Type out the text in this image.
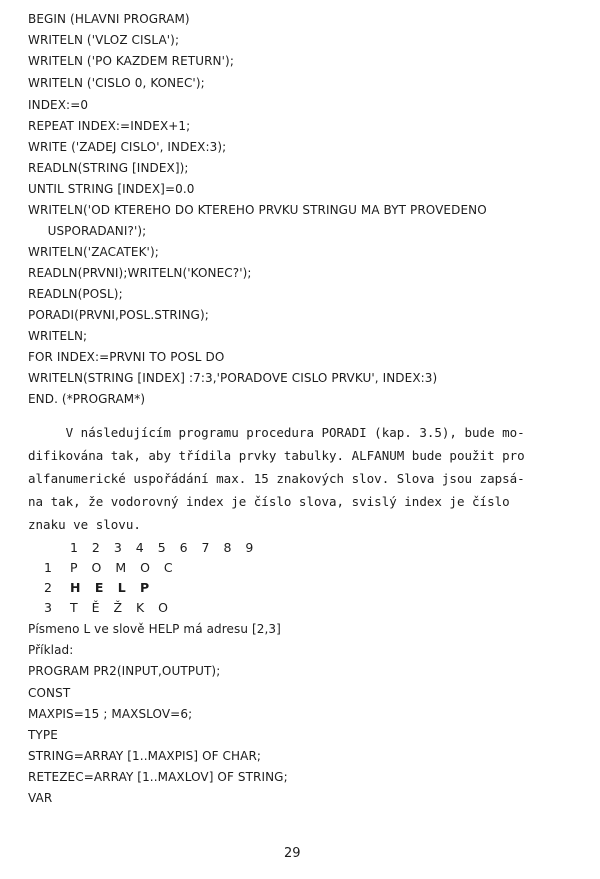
BEGIN (HLAVNI PROGRAM)
WRITELN ('VLOZ CISLA');
WRITELN ('PO KAZDEM RETURN');
WRITELN ('CISLO 0, KONEC');
INDEX:=0
REPEAT INDEX:=INDEX+1;
WRITE ('ZADEJ CISLO', INDEX:3);
READLN(STRING [INDEX]);
UNTIL STRING [INDEX]=0.0
WRITELN('OD KTEREHO DO KTEREHO PRVKU STRINGU MA BYT PROVEDENO
USPORADANI?');
WRITELN('ZACATEK');
READLN(PRVNI);WRITELN('KONEC?');
READLN(POSL);
PORADI(PRVNI,POSL.STRING);
WRITELN;
FOR INDEX:=PRVNI TO POSL DO
WRITELN(STRING [INDEX] :7:3,'PORADOVE CISLO PRVKU', INDEX:3)
END. (*PROGRAM*)
V následujícím programu procedura PORADI (kap. 3.5), bude mo-
difikována tak, aby třídila prvky tabulky. ALFANUM bude použit pro
alfanumerické uspořádání max. 15 znakových slov. Slova jsou zapsá-
na tak, že vodorovný index je číslo slova, svislý index je číslo
znaku ve slovu.
1 2 3 4 5 6 7 8 9
1 P O M O C
2 H E L P
3 T Ě Ž K O
Písmeno L ve slově HELP má adresu [2,3]
Příklad:
PROGRAM PR2(INPUT,OUTPUT);
CONST
MAXPIS=15 ; MAXSLOV=6;
TYPE
STRING=ARRAY [1..MAXPIS] OF CHAR;
RETEZEC=ARRAY [1..MAXLOV] OF STRING;
VAR
29
